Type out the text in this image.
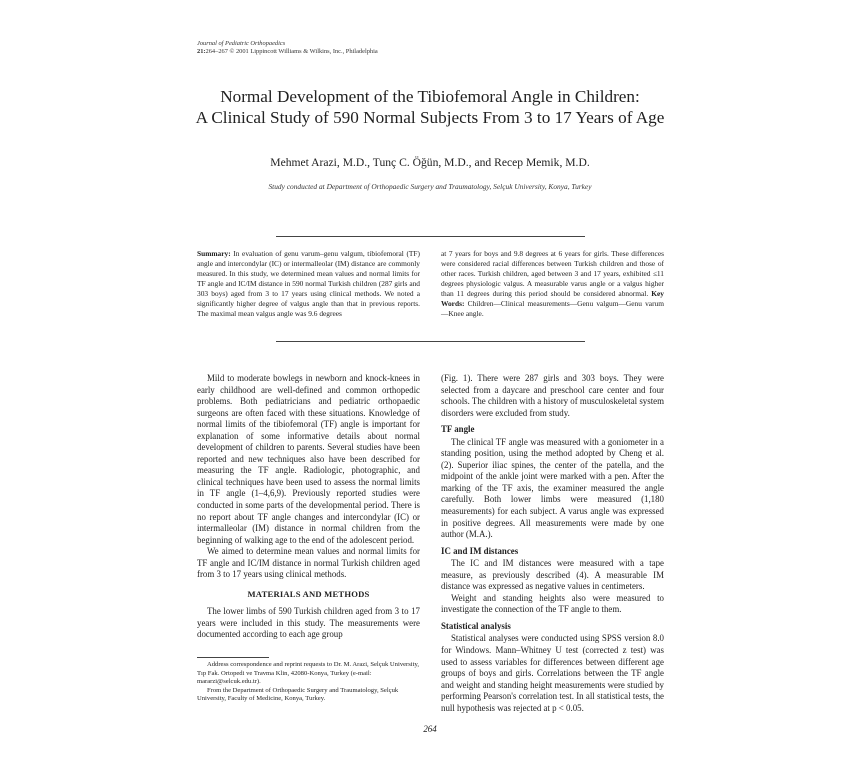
Journal of Pediatric Orthopaedics
21:264–267 © 2001 Lippincott Williams & Wilkins, Inc., Philadelphia
Normal Development of the Tibiofemoral Angle in Children:
A Clinical Study of 590 Normal Subjects From 3 to 17 Years of Age
Mehmet Arazi, M.D., Tunç C. Öğün, M.D., and Recep Memik, M.D.
Study conducted at Department of Orthopaedic Surgery and Traumatology, Selçuk University, Konya, Turkey
Summary: In evaluation of genu varum–genu valgum, tibiofemoral (TF) angle and intercondylar (IC) or intermalleolar (IM) distance are commonly measured. In this study, we determined mean values and normal limits for TF angle and IC/IM distance in 590 normal Turkish children (287 girls and 303 boys) aged from 3 to 17 years using clinical methods. We noted a significantly higher degree of valgus angle than that in previous reports. The maximal mean valgus angle was 9.6 degrees
at 7 years for boys and 9.8 degrees at 6 years for girls. These differences were considered racial differences between Turkish children and those of other races. Turkish children, aged between 3 and 17 years, exhibited ≤11 degrees physiologic valgus. A measurable varus angle or a valgus higher than 11 degrees during this period should be considered abnormal. Key Words: Children—Clinical measurements—Genu valgum—Genu varum—Knee angle.

Mild to moderate bowlegs in newborn and knock-knees in early childhood are well-defined and common orthopedic problems. Both pediatricians and pediatric orthopaedic surgeons are often faced with these situations. Knowledge of normal limits of the tibiofemoral (TF) angle is important for explanation of some informative details about normal development of children to parents. Several studies have been reported and new techniques also have been described for measuring the TF angle. Radiologic, photographic, and clinical techniques have been used to assess the normal limits in TF angle (1–4,6,9). Previously reported studies were conducted in some parts of the developmental period. There is no report about TF angle changes and intercondylar (IC) or intermalleolar (IM) distance in normal children from the beginning of walking age to the end of the adolescent period.

We aimed to determine mean values and normal limits for TF angle and IC/IM distance in normal Turkish children aged from 3 to 17 years using clinical methods.

MATERIALS AND METHODS

The lower limbs of 590 Turkish children aged from 3 to 17 years were included in this study. The measurements were documented according to each age group

Address correspondence and reprint requests to Dr. M. Arazi, Selçuk University, Tıp Fak. Ortopedi ve Travma Klin, 42080-Konya, Turkey (e-mail: mararzi@selcuk.edu.tr).

From the Department of Orthopaedic Surgery and Traumatology, Selçuk University, Faculty of Medicine, Konya, Turkey.

(Fig. 1). There were 287 girls and 303 boys. They were selected from a daycare and preschool care center and four schools. The children with a history of musculoskeletal system disorders were excluded from study.

TF angle

The clinical TF angle was measured with a goniometer in a standing position, using the method adopted by Cheng et al. (2). Superior iliac spines, the center of the patella, and the midpoint of the ankle joint were marked with a pen. After the marking of the TF axis, the examiner measured the angle carefully. Both lower limbs were measured (1,180 measurements) for each subject. A varus angle was expressed in positive degrees. All measurements were made by one author (M.A.).

IC and IM distances

The IC and IM distances were measured with a tape measure, as previously described (4). A measurable IM distance was expressed as negative values in centimeters.

Weight and standing heights also were measured to investigate the connection of the TF angle to them.

Statistical analysis

Statistical analyses were conducted using SPSS version 8.0 for Windows. Mann–Whitney U test (corrected z test) was used to assess variables for differences between different age groups of boys and girls. Correlations between the TF angle and weight and standing height measurements were studied by performing Pearson's correlation test. In all statistical tests, the null hypothesis was rejected at p < 0.05.

264
